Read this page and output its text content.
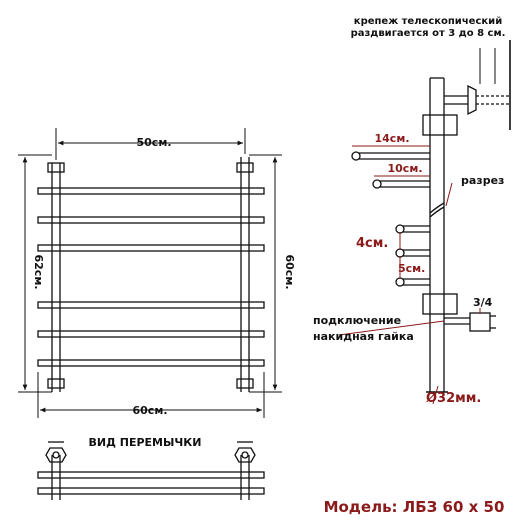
50см.
60см.
62см.	60см.
ВИД ПЕРЕМЫЧКИ
крепеж телескопический
раздвигается от 3 до 8 см.
14см.
10см.
разрез
4см.
5см.
подключение
накидная гайка
3/4
Ø32мм.
Модель: ЛБЗ 60 х 50
